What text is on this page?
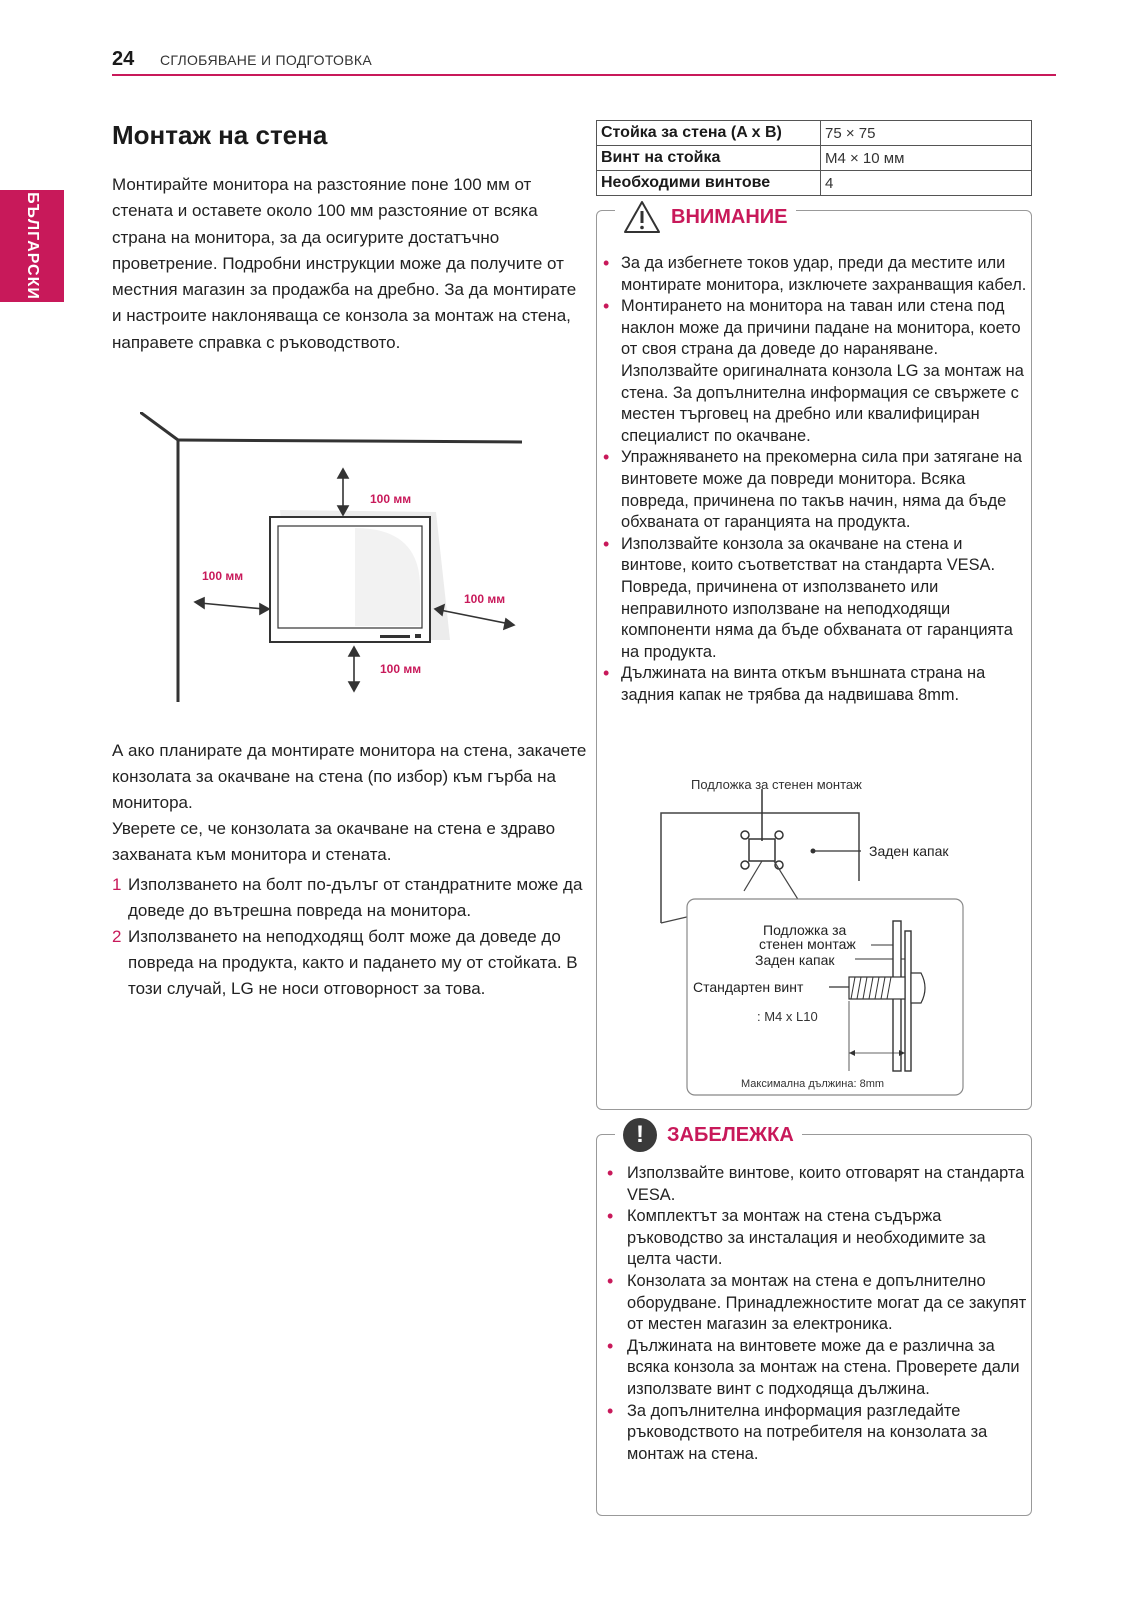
24 СГЛОБЯВАНЕ И ПОДГОТОВКА
БЪЛГАРСКИ
Монтаж на стена

Монтирайте монитора на разстояние поне 100 мм от стената и оставете около 100 мм разстояние от всяка страна на монитора, за да осигурите достатъчно проветрение. Подробни инструкции може да получите от местния магазин за продажба на дребно. За да монтирате и настроите наклоняваща се конзола за монтаж на стена, направете справка с ръководството.

100 мм
100 мм
100 мм
100 мм

А ако планирате да монтирате монитора на стена, закачете конзолата за окачване на стена (по избор) към гърба на монитора.

Уверете се, че конзолата за окачване на стена е здраво захваната към монитора и стената.

1 Използването на болт по-дълъг от стандратните може да доведе до вътрешна повреда на монитора.
2 Използването на неподходящ болт може да доведе до повреда на продукта, както и падането му от стойката. В този случай, LG не носи отговорност за това.
Стойка за стена (A x B)	75 × 75
Винт на стойка	M4 × 10 мм
Необходими винтове	4
ВНИМАНИЕ
• За да избегнете токов удар, преди да местите или монтирате монитора, изключете захранващия кабел.
• Монтирането на монитора на таван или стена под наклон може да причини падане на монитора, което от своя страна да доведе до нараняване. Използвайте оригиналната конзола LG за монтаж на стена. За допълнителна информация се свържете с местен търговец на дребно или квалифициран специалист по окачване.
• Упражняването на прекомерна сила при затягане на винтовете може да повреди монитора. Всяка повреда, причинена по такъв начин, няма да бъде обхваната от гаранцията на продукта.
• Използвайте конзола за окачване на стена и винтове, които съответстват на стандарта VESA. Повреда, причинена от използването или неправилното използване на неподходящи компоненти няма да бъде обхваната от гаранцията на продукта.
• Дължината на винта откъм външната страна на задния капак не трябва да надвишава 8mm.
Подложка за стенен монтаж
Заден капак
Подложка за
стенен монтаж
Заден капак
Стандартен винт
: M4 x L10
Максимална дължина: 8mm
!	ЗАБЕЛЕЖКА
• Използвайте винтове, които отговарят на стандарта VESA.
• Комплектът за монтаж на стена съдържа ръководство за инсталация и необходимите за целта части.
• Конзолата за монтаж на стена е допълнително оборудване. Принадлежностите могат да се закупят от местен магазин за електроника.
• Дължината на винтовете може да е различна за всяка конзола за монтаж на стена. Проверете дали използвате винт с подходяща дължина.
• За допълнителна информация разгледайте ръководството на потребителя на конзолата за монтаж на стена.
